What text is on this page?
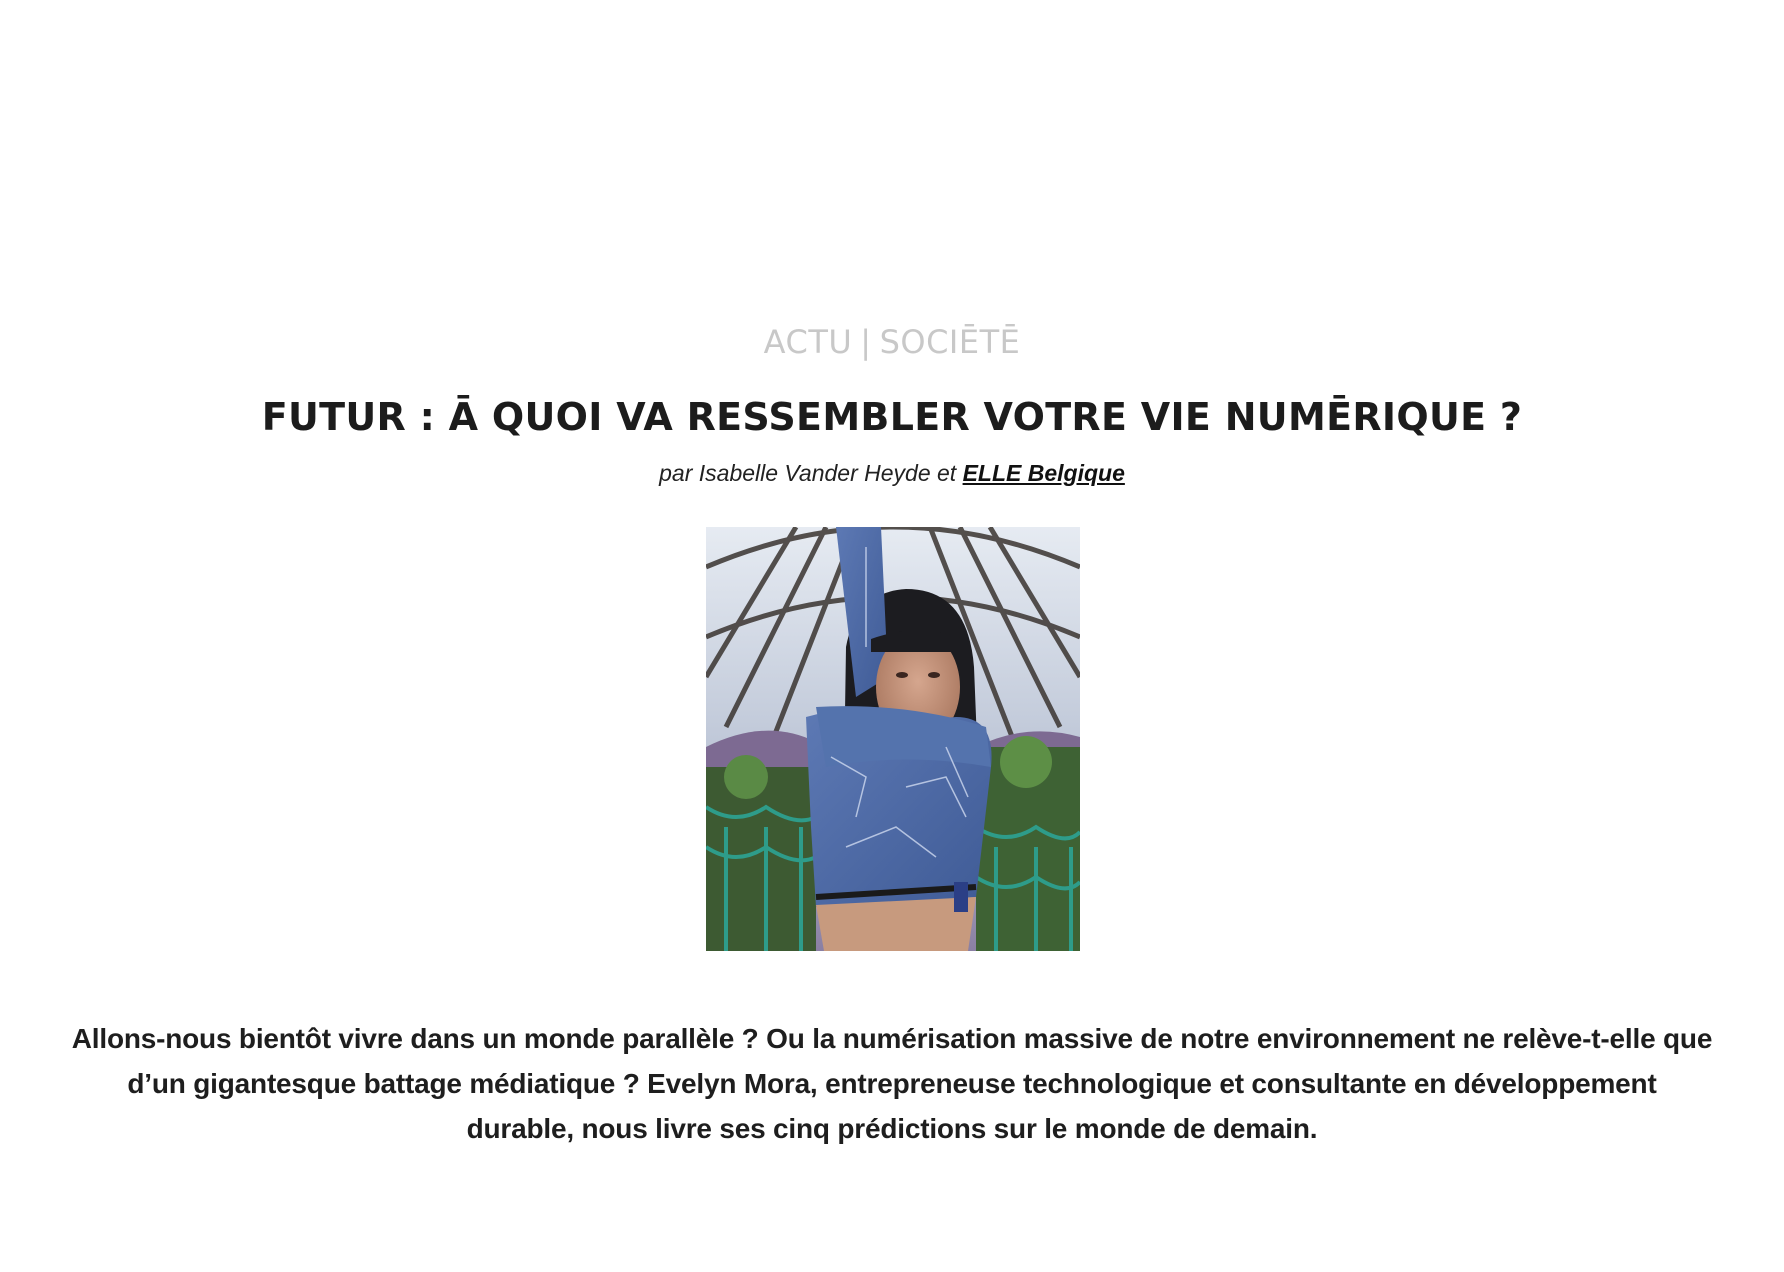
ACTU | SOCIĒTĒ
FUTUR : Ā QUOI VA RESSEMBLER VOTRE VIE NUMĒRIQUE ?
par Isabelle Vander Heyde et ELLE Belgique

Allons-nous bientôt vivre dans un monde parallèle ? Ou la numérisation massive de notre environnement ne relève-t-elle que d’un gigantesque battage médiatique ? Evelyn Mora, entrepreneuse technologique et consultante en développement durable, nous livre ses cinq prédictions sur le monde de demain.
